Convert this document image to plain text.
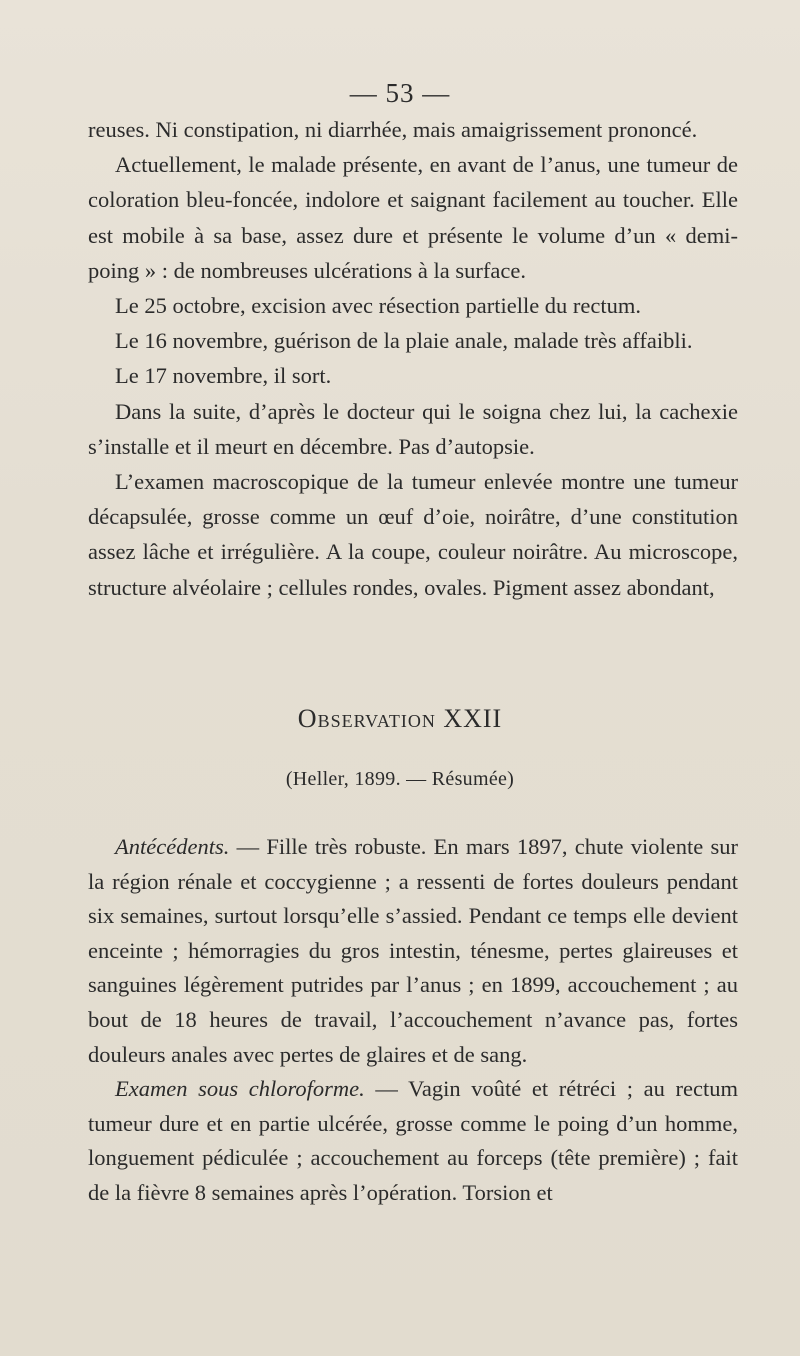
— 53 —

reuses. Ni constipation, ni diarrhée, mais amaigrissement prononcé.

Actuellement, le malade présente, en avant de l’anus, une tumeur de coloration bleu-foncée, indolore et saignant facilement au toucher. Elle est mobile à sa base, assez dure et présente le volume d’un « demi-poing » : de nombreuses ulcérations à la surface.

Le 25 octobre, excision avec résection partielle du rectum.

Le 16 novembre, guérison de la plaie anale, malade très affaibli.

Le 17 novembre, il sort.

Dans la suite, d’après le docteur qui le soigna chez lui, la cachexie s’installe et il meurt en décembre. Pas d’autopsie.

L’examen macroscopique de la tumeur enlevée montre une tumeur décapsulée, grosse comme un œuf d’oie, noirâtre, d’une constitution assez lâche et irrégulière. A la coupe, couleur noirâtre. Au microscope, structure alvéolaire ; cellules rondes, ovales. Pigment assez abondant,

Observation XXII
(Heller, 1899. — Résumée)

Antécédents. — Fille très robuste. En mars 1897, chute violente sur la région rénale et coccygienne ; a ressenti de fortes douleurs pendant six semaines, surtout lorsqu’elle s’assied. Pendant ce temps elle devient enceinte ; hémorragies du gros intestin, ténesme, pertes glaireuses et sanguines légèrement putrides par l’anus ; en 1899, accouchement ; au bout de 18 heures de travail, l’accouchement n’avance pas, fortes douleurs anales avec pertes de glaires et de sang.

Examen sous chloroforme. — Vagin voûté et rétréci ; au rectum tumeur dure et en partie ulcérée, grosse comme le poing d’un homme, longuement pédiculée ; accouchement au forceps (tête première) ; fait de la fièvre 8 semaines après l’opération. Torsion et
